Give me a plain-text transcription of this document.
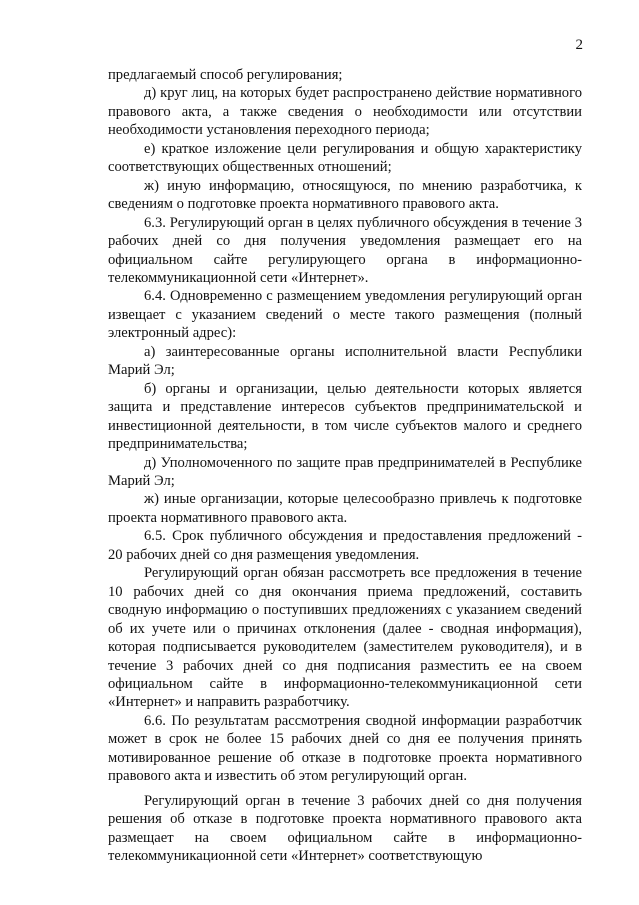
2

предлагаемый способ регулирования;

д) круг лиц, на которых будет распространено действие нормативного правового акта, а также сведения о необходимости или отсутствии необходимости установления переходного периода;

е) краткое изложение цели регулирования и общую характеристику соответствующих общественных отношений;

ж) иную информацию, относящуюся, по мнению разработчика, к сведениям о подготовке проекта нормативного правового акта.

6.3. Регулирующий орган в целях публичного обсуждения в течение 3 рабочих дней со дня получения уведомления размещает его на официальном сайте регулирующего органа в информационно-телекоммуникационной сети «Интернет».

6.4. Одновременно с размещением уведомления регулирующий орган извещает с указанием сведений о месте такого размещения (полный электронный адрес):

а) заинтересованные органы исполнительной власти Республики Марий Эл;

б) органы и организации, целью деятельности которых является защита и представление интересов субъектов предпринимательской и инвестиционной деятельности, в том числе субъектов малого и среднего предпринимательства;

д) Уполномоченного по защите прав предпринимателей в Республике Марий Эл;

ж) иные организации, которые целесообразно привлечь к подготовке проекта нормативного правового акта.

6.5. Срок публичного обсуждения и предоставления предложений - 20 рабочих дней со дня размещения уведомления.

Регулирующий орган обязан рассмотреть все предложения в течение 10 рабочих дней со дня окончания приема предложений, составить сводную информацию о поступивших предложениях с указанием сведений об их учете или о причинах отклонения (далее - сводная информация), которая подписывается руководителем (заместителем руководителя), и в течение 3 рабочих дней со дня подписания разместить ее на своем официальном сайте в информационно-телекоммуникационной сети «Интернет» и направить разработчику.

6.6. По результатам рассмотрения сводной информации разработчик может в срок не более 15 рабочих дней со дня ее получения принять мотивированное решение об отказе в подготовке проекта нормативного правового акта и известить об этом регулирующий орган.

Регулирующий орган в течение 3 рабочих дней со дня получения решения об отказе в подготовке проекта нормативного правового акта размещает на своем официальном сайте в информационно-телекоммуникационной сети «Интернет» соответствующую
